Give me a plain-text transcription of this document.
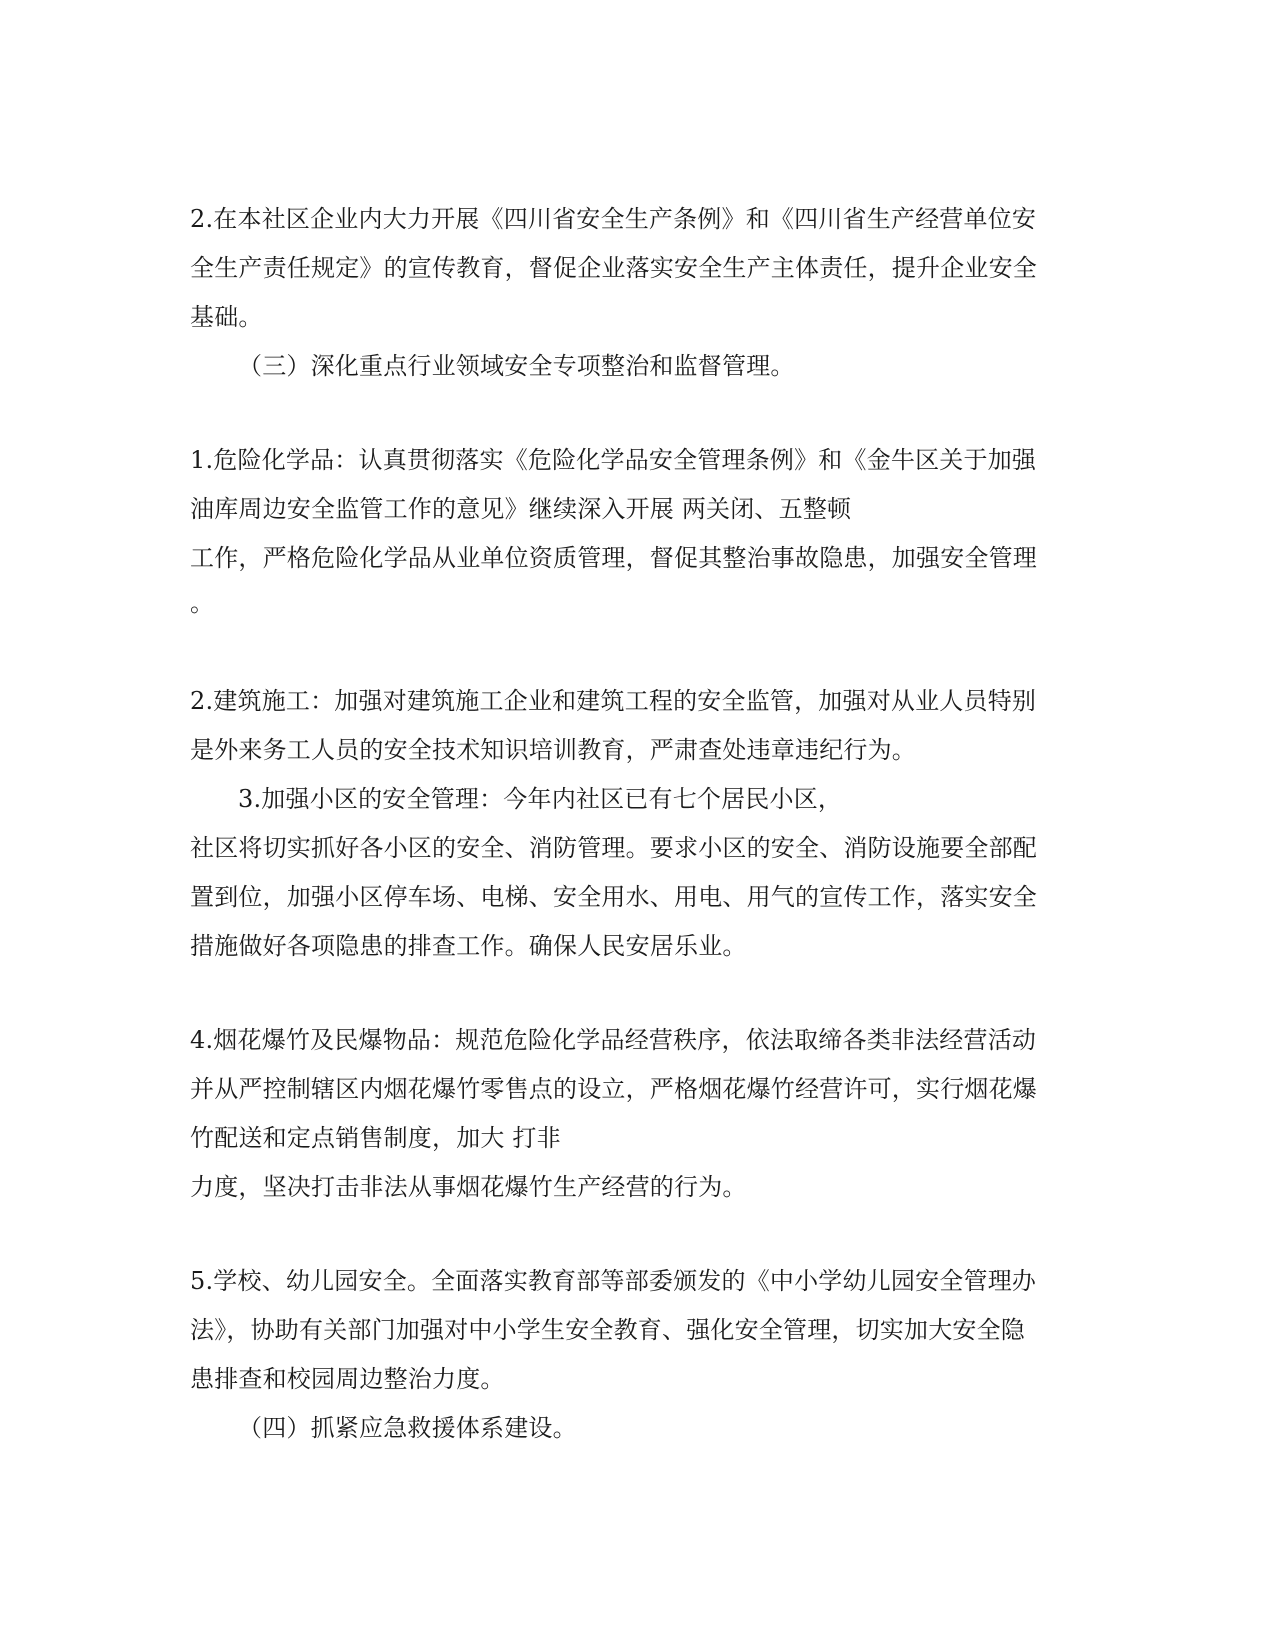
2.在本社区企业内大力开展《四川省安全生产条例》和《四川省生产经营单位安
全生产责任规定》的宣传教育，督促企业落实安全生产主体责任，提升企业安全
基础。
（三）深化重点行业领域安全专项整治和监督管理。
1.危险化学品：认真贯彻落实《危险化学品安全管理条例》和《金牛区关于加强
油库周边安全监管工作的意见》继续深入开展 两关闭、五整顿
工作，严格危险化学品从业单位资质管理，督促其整治事故隐患，加强安全管理
。
2.建筑施工：加强对建筑施工企业和建筑工程的安全监管，加强对从业人员特别
是外来务工人员的安全技术知识培训教育，严肃查处违章违纪行为。
3.加强小区的安全管理：今年内社区已有七个居民小区，
社区将切实抓好各小区的安全、消防管理。要求小区的安全、消防设施要全部配
置到位，加强小区停车场、电梯、安全用水、用电、用气的宣传工作，落实安全
措施做好各项隐患的排查工作。确保人民安居乐业。
4.烟花爆竹及民爆物品：规范危险化学品经营秩序，依法取缔各类非法经营活动
并从严控制辖区内烟花爆竹零售点的设立，严格烟花爆竹经营许可，实行烟花爆
竹配送和定点销售制度，加大 打非
力度，坚决打击非法从事烟花爆竹生产经营的行为。
5.学校、幼儿园安全。全面落实教育部等部委颁发的《中小学幼儿园安全管理办
法》，协助有关部门加强对中小学生安全教育、强化安全管理，切实加大安全隐
患排查和校园周边整治力度。
（四）抓紧应急救援体系建设。
